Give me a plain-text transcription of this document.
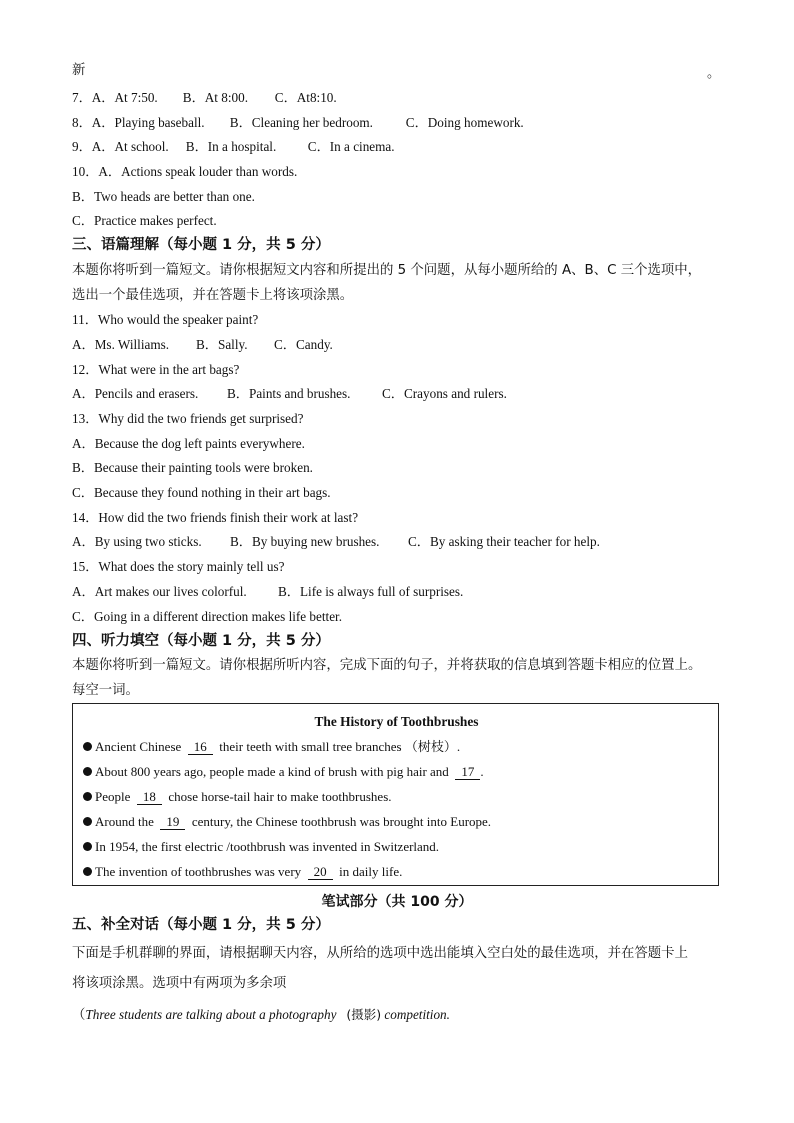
新	。
7．A．At 7:50. B．At 8:00. C．At8:10.
8．A．Playing baseball. B．Cleaning her bedroom. C．Doing homework.
9．A．At school. B．In a hospital. C．In a cinema.
10．A．Actions speak louder than words.
B．Two heads are better than one.
C．Practice makes perfect.
三、语篇理解（每小题 1 分，共 5 分）
本题你将听到一篇短文。请你根据短文内容和所提出的 5 个问题，从每小题所给的 A、B、C 三个选项中，
选出一个最佳选项，并在答题卡上将该项涂黑。
11．Who would the speaker paint?
A．Ms. Williams. B．Sally. C．Candy.
12．What were in the art bags?
A．Pencils and erasers. B．Paints and brushes. C．Crayons and rulers.
13．Why did the two friends get surprised?
A．Because the dog left paints everywhere.
B．Because their painting tools were broken.
C．Because they found nothing in their art bags.
14．How did the two friends finish their work at last?
A．By using two sticks. B．By buying new brushes. C．By asking their teacher for help.
15．What does the story mainly tell us?
A．Art makes our lives colorful. B．Life is always full of surprises.
C．Going in a different direction makes life better.
四、听力填空（每小题 1 分，共 5 分）
本题你将听到一篇短文。请你根据所听内容，完成下面的句子，并将获取的信息填到答题卡相应的位置上。
每空一词。
The History of Toothbrushes
Ancient Chinese 16 their teeth with small tree branches （树枝）.
About 800 years ago, people made a kind of brush with pig hair and 17 .
People 18 chose horse-tail hair to make toothbrushes.
Around the 19 century, the Chinese toothbrush was brought into Europe.
In 1954, the first electric /toothbrush was invented in Switzerland.
The invention of toothbrushes was very 20 in daily life.
笔试部分（共 100 分）
五、补全对话（每小题 1 分，共 5 分）
下面是手机群聊的界面，请根据聊天内容，从所给的选项中选出能填入空白处的最佳选项，并在答题卡上
将该项涂黑。选项中有两项为多余项
（Three students are talking about a photography (摄影) competition.
